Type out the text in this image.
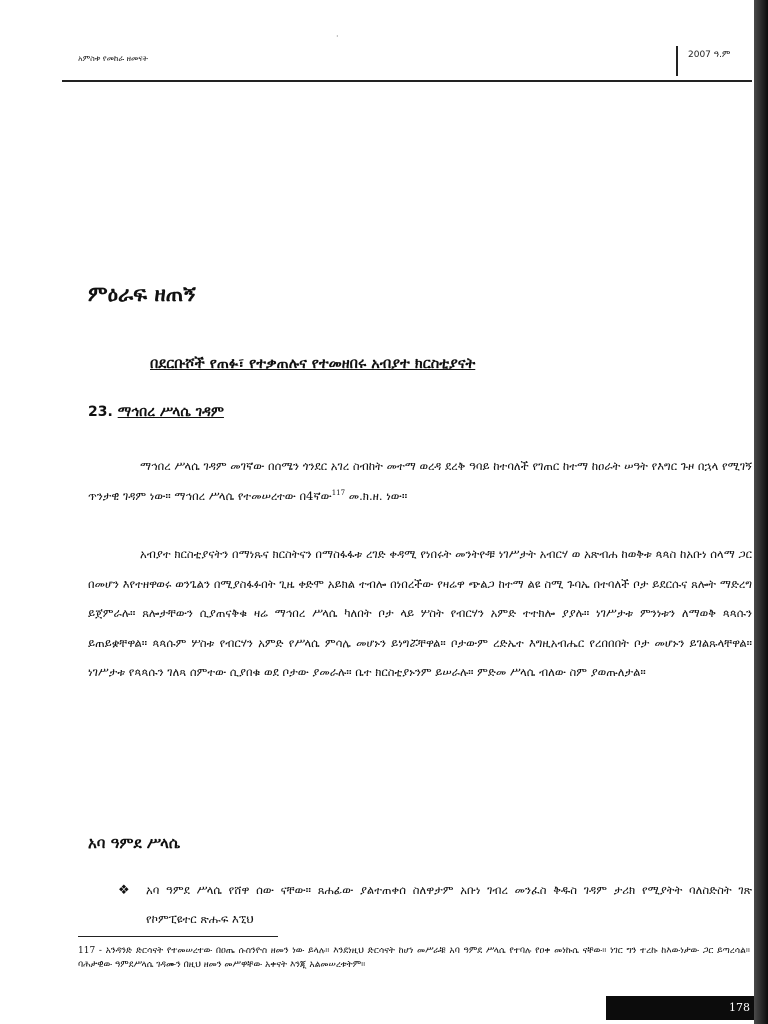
·
አምስቱ የመከራ ዘመናት	2007 ዓ.ም
ምዕራፍ ዘጠኝ
በደርቡሾች የጠፉ፣ የተቃጠሉና የተመዘበሩ አብያተ ክርስቲያናት
23. ማኅበረ ሥላሴ ገዳም

ማኅበረ ሥላሴ ገዳም መገኛው በሰሜን ጎንደር አገረ ስብከት መተማ ወረዳ ደረቅ ዓባይ ከተባለች የገጠር ከተማ ከዐራት ሠዓት የእግር ጉዞ በኋላ የሚገኝ ጥንታዊ ገዳም ነው። ማኅበረ ሥላሴ የተመሠረተው በ4ኛው$^{117}$ መ.ክ.ዘ. ነው።

አብያተ ክርስቲያናትን በማነጹና ክርስትናን በማስፋፋቱ ረገድ ቀዳሚ የነበሩት መንትዮቹ ነገሥታት አብርሃ ወ አጽብሐ ከወቅቱ ጳጳስ ከአቡነ ሰላማ ጋር በመሆን እየተዘዋወሩ ወንጌልን በሚያስፋፉበት ጊዜ ቀድሞ አይክል ተብሎ በነበረችው የዛሬዋ ጭልጋ ከተማ ልዩ ስሚ ጉባኤ በተባለች ቦታ ይደርሱና ጸሎት ማድረግ ይጀምራሉ። ጸሎታቸውን ሲያጠናቅቁ ዛሬ ማኅበረ ሥላሴ ካለበት ቦታ ላይ ሦስት የብርሃን አምድ ተተክሎ ያያሉ። ነገሥታቱ ምንነቱን ለማወቅ ጳጳሱን ይጠይቋቸዋል። ጳጳሱም ሦስቱ የብርሃን አምድ የሥላሴ ምሳሌ መሆኑን ይነግሯቸዋል። ቦታውም ረድኤተ እግዚአብሔር የረበበበት ቦታ መሆኑን ይገልጹላቸዋል። ነገሥታቱ የጳጳሱን ገለጻ ሰምተው ሲያበቁ ወደ ቦታው ያመራሉ። ቤተ ክርስቲያኑንም ይሠራሉ። ምድመ ሥላሴ ብለው ስም ያወጡለታል።

አባ ዓምደ ሥላሴ
❖ አባ ዓምደ ሥላሴ የሸዋ ሰው ናቸው። ጸሐፊው ያልተጠቀሰ ስለዋታም አቡነ ገብረ መንፈስ ቅዱስ ገዳም ታሪክ የሚያትት ባለስድስት ገጽ የኮምፒዩተር ጽሑፍ እኚህ

117 - አንዳንድ ድርሳናት የተመሠረተው በዐጤ ሱስንዮስ ዘመን ነው ይላሉ። እንደነዚህ ድርሳናት ከሆነ መሥራቹ አባ ዓምደ ሥላሴ የተባሉ የዐቀ መነኩሴ ናቸው። ነገር ግን ተረኩ ከእውነታው ጋር ይጣረሳል። ባሕታዊው ዓምደሥላሴ ገዳሙን በዚህ ዘመን መሥዋቸው አቀናት እንጂ አልመሠረቱትም።

178
